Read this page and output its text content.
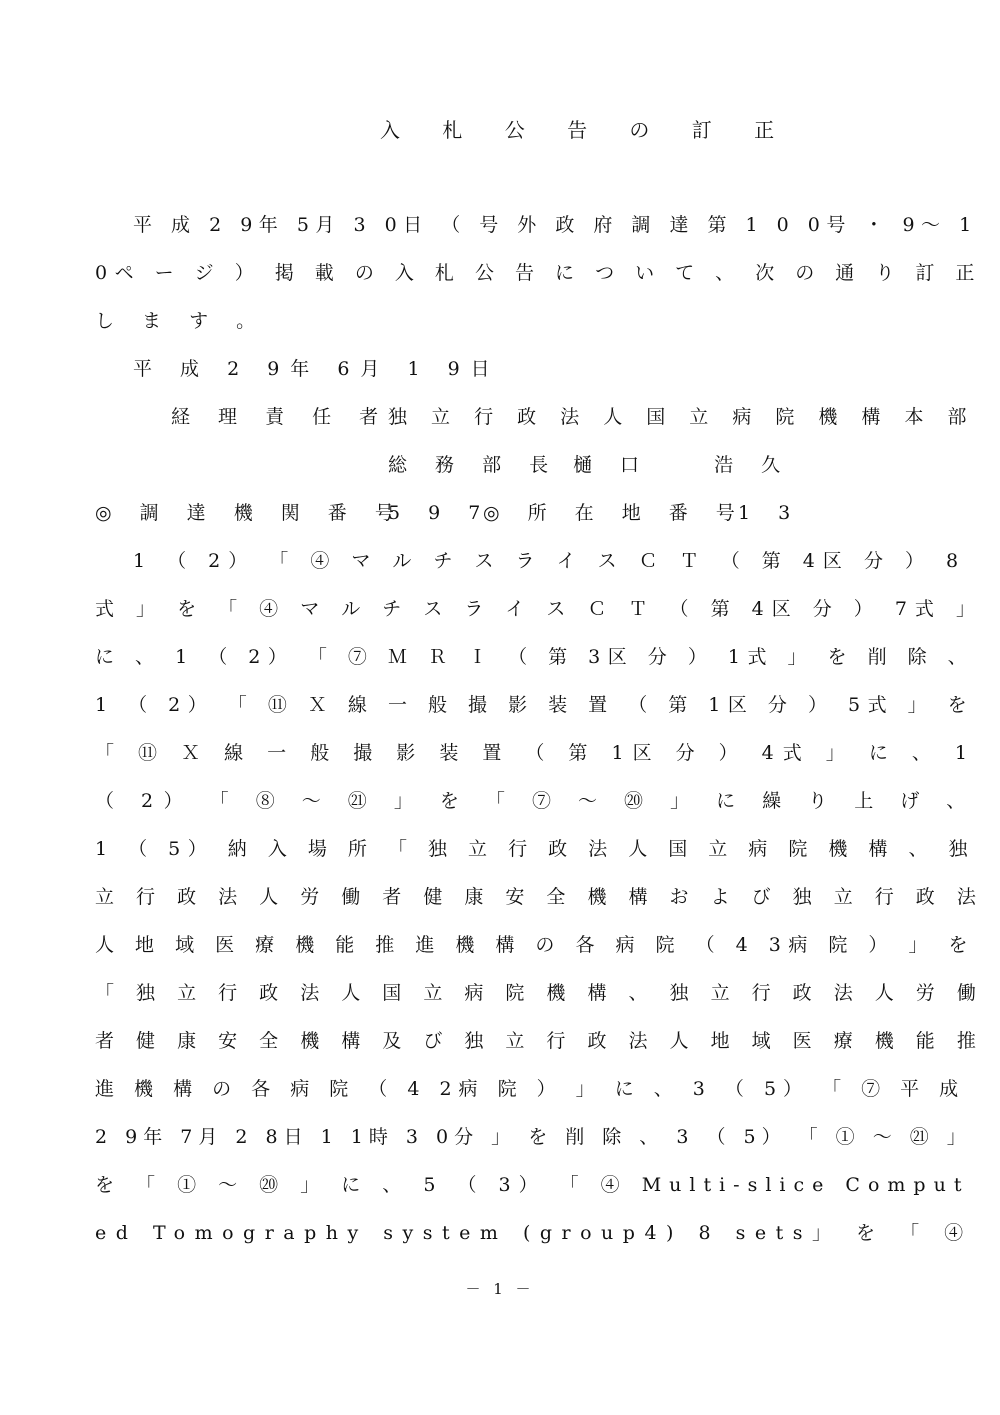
入 札 公 告 の 訂 正
平 成 2 9年 5月 3 0日 （ 号 外 政 府 調 達 第 1 0 0号 ・ 9～ 1
0ペ ー ジ ） 掲 載 の 入 札 公 告 に つ い て 、 次 の 通 り 訂 正
し ま す 。
平 成 2 9年 6月 1 9日
経 理 責 任 者
独 立 行 政 法 人 国 立 病 院 機 構 本 部
総 務 部 長 樋 口 　 浩 久
◎ 調 達 機 関 番 号
5 9 7
◎ 所 在 地 番 号
1 3
1 （ 2） 「 ④ マ ル チ ス ラ イ ス Ｃ Ｔ （ 第 4区 分 ） 8
式 」 を 「 ④ マ ル チ ス ラ イ ス Ｃ Ｔ （ 第 4区 分 ） 7式 」
に 、 1 （ 2） 「 ⑦ Ｍ Ｒ Ｉ （ 第 3区 分 ） 1式 」 を 削 除 、
1 （ 2） 「 ⑪ Ｘ 線 一 般 撮 影 装 置 （ 第 1区 分 ） 5式 」 を
「 ⑪ Ｘ 線 一 般 撮 影 装 置 （ 第 1区 分 ） 4式 」 に 、 1
（ 2） 「 ⑧ ～ ㉑ 」 を 「 ⑦ ～ ⑳ 」 に 繰 り 上 げ 、
1 （ 5） 納 入 場 所 「 独 立 行 政 法 人 国 立 病 院 機 構 、 独
立 行 政 法 人 労 働 者 健 康 安 全 機 構 お よ び 独 立 行 政 法
人 地 域 医 療 機 能 推 進 機 構 の 各 病 院 （ 4 3病 院 ） 」 を
「 独 立 行 政 法 人 国 立 病 院 機 構 、 独 立 行 政 法 人 労 働
者 健 康 安 全 機 構 及 び 独 立 行 政 法 人 地 域 医 療 機 能 推
進 機 構 の 各 病 院 （ 4 2病 院 ） 」 に 、 3 （ 5） 「 ⑦ 平 成
2 9年 7月 2 8日 1 1時 3 0分 」 を 削 除 、 3 （ 5） 「 ① ～ ㉑ 」
を 「 ① ～ ⑳ 」 に 、 5 （ 3） 「 ④ Multi-slice Comput
ed Tomography system (group4) 8 sets」 を 「 ④
－ 1 －
